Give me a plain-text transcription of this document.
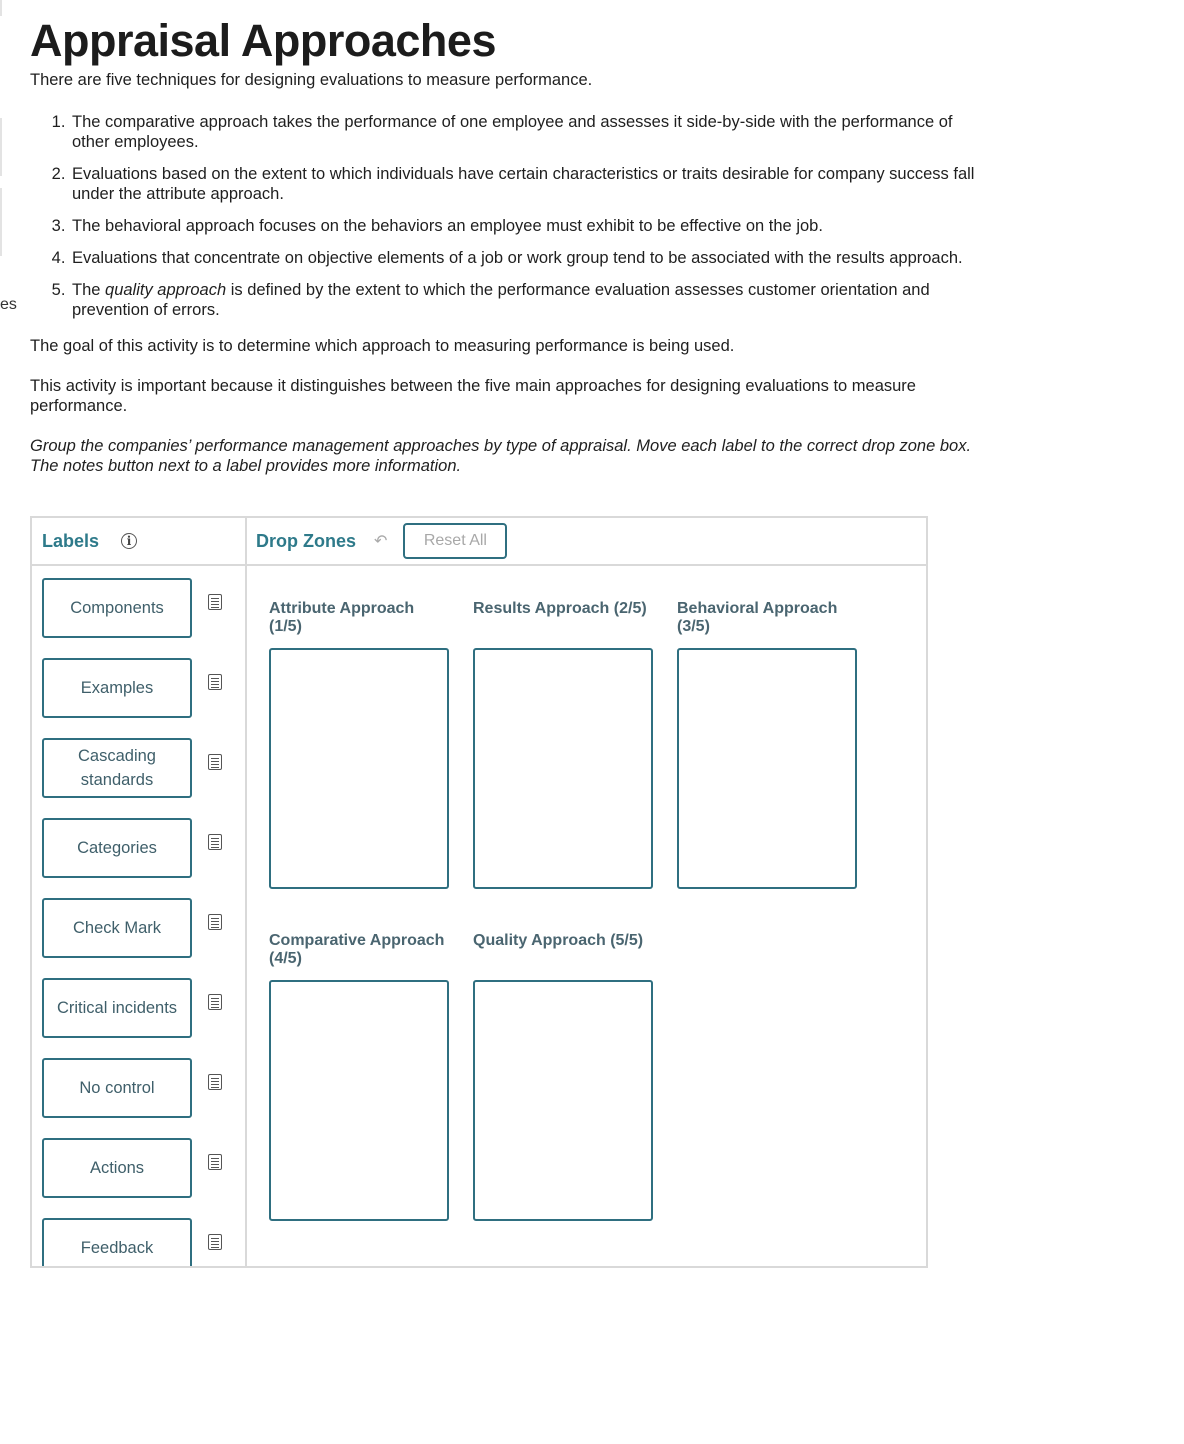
es
Appraisal Approaches

There are five techniques for designing evaluations to measure performance.

1. The comparative approach takes the performance of one employee and assesses it side-by-side with the performance of other employees.
2. Evaluations based on the extent to which individuals have certain characteristics or traits desirable for company success fall under the attribute approach.
3. The behavioral approach focuses on the behaviors an employee must exhibit to be effective on the job.
4. Evaluations that concentrate on objective elements of a job or work group tend to be associated with the results approach.
5. The quality approach is defined by the extent to which the performance evaluation assesses customer orientation and prevention of errors.

The goal of this activity is to determine which approach to measuring performance is being used.

This activity is important because it distinguishes between the five main approaches for designing evaluations to measure performance.

Group the companies’ performance management approaches by type of appraisal. Move each label to the correct drop zone box. The notes button next to a label provides more information.

Labels	i
Components
Examples
Cascading standards
Categories
Check Mark
Critical incidents
No control
Actions
Feedback
Drop Zones ↶	Reset All
Attribute Approach (1/5)
Results Approach (2/5)	Behavioral Approach (3/5)
Comparative Approach (4/5)
Quality Approach (5/5)
